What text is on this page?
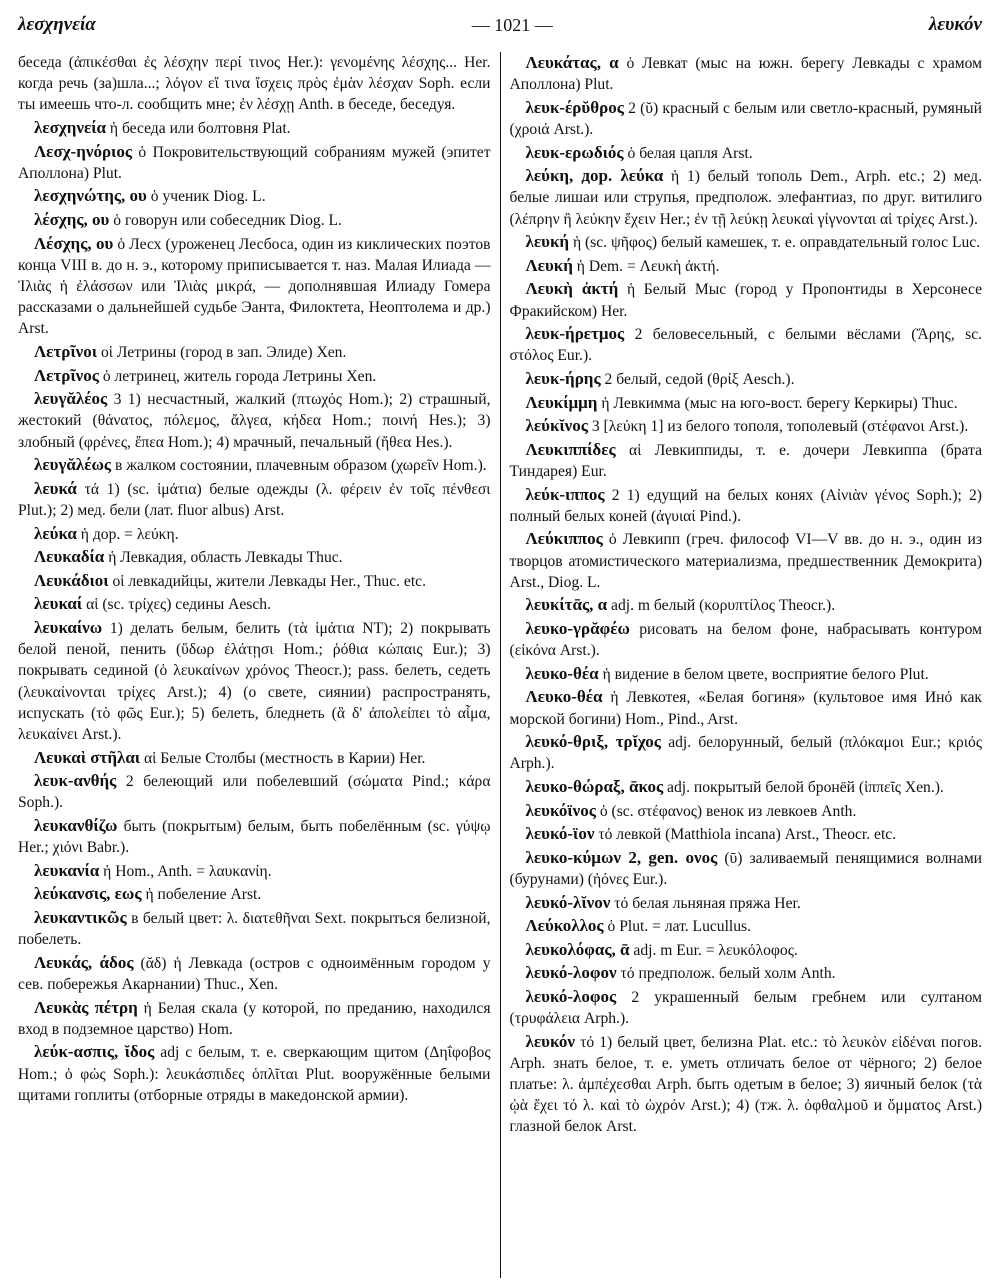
λεσχηνεία	— 1021 —	λευκόν

беседа (ἀπικέσθαι ἐς λέσχην περί τινος Her.): γενομένης λέσχης... Her. когда речь (за)шла...; λόγον εἴ τινα ἴσχεις πρὸς ἐμὰν λέσχαν Soph. если ты имеешь что-л. сообщить мне; ἐν λέσχῃ Anth. в беседе, беседуя.

λεσχηνεία ἡ беседа или болтовня Plat.

Λεσχ-ηνόριος ὁ Покровительствующий собраниям мужей (эпитет Аполлона) Plut.

λεσχηνώτης, ου ὁ ученик Diog. L.

λέσχης, ου ὁ говорун или собеседник Diog. L.

Λέσχης, ου ὁ Лесх (уроженец Лесбоса, один из киклических поэтов конца VIII в. до н. э., которому приписывается т. наз. Малая Илиада — Ἰλιὰς ἡ ἐλάσσων или Ἰλιὰς μικρά, — дополнявшая Илиаду Гомера рассказами о дальнейшей судьбе Эанта, Филоктета, Неоптолема и др.) Arst.

Λετρῖνοι οἱ Летрины (город в зап. Элиде) Xen.

Λετρῖνος ὁ летринец, житель города Летрины Xen.

λευγᾰλέος 3 1) несчастный, жалкий (πτωχός Hom.); 2) страшный, жестокий (θάνατος, πόλεμος, ἄλγεα, κήδεα Hom.; ποινή Hes.); 3) злобный (φρένες, ἔπεα Hom.); 4) мрачный, печальный (ἤθεα Hes.).

λευγᾰλέως в жалком состоянии, плачевным образом (χωρεῖν Hom.).

λευκά τά 1) (sc. ἱμάτια) белые одежды (λ. φέρειν ἐν τοῖς πένθεσι Plut.); 2) мед. бели (лат. fluor albus) Arst.

λεύκα ἡ дор. = λεύκη.

Λευκαδία ἡ Левкадия, область Левкады Thuc.

Λευκάδιοι οἱ левкадийцы, жители Левкады Her., Thuc. etc.

λευκαί αἱ (sc. τρίχες) седины Aesch.

λευκαίνω 1) делать белым, белить (τὰ ἱμάτια NT); 2) покрывать белой пеной, пенить (ὕδωρ ἐλάτῃσι Hom.; ῥόθια κώπαις Eur.); 3) покрывать сединой (ὁ λευκαίνων χρόνος Theocr.); pass. белеть, седеть (λευκαίνονται τρίχες Arst.); 4) (о свете, сиянии) распространять, испускать (τὸ φῶς Eur.); 5) белеть, бледнеть (ἃ δ' ἀπολείπει τὸ αἷμα, λευκαίνει Arst.).

Λευκαὶ στῆλαι αἱ Белые Столбы (местность в Карии) Her.

λευκ-ανθής 2 белеющий или побелевший (σώματα Pind.; κάρα Soph.).

λευκανθίζω быть (покрытым) белым, быть побелённым (sc. γύψῳ Her.; χιόνι Babr.).

λευκανία ἡ Hom., Anth. = λαυκανίη.

λεύκανσις, εως ἡ побеление Arst.

λευκαντικῶς в белый цвет: λ. διατεθῆναι Sext. покрыться белизной, побелеть.

Λευκάς, άδος (ᾰδ) ἡ Левкада (остров с одноимённым городом у сев. побережья Акарнании) Thuc., Xen.

Λευκὰς πέτρη ἡ Белая скала (у которой, по преданию, находился вход в подземное царство) Hom.

λεύκ-ασπις, ῐδος adj с белым, т. е. сверкающим щитом (Δηΐφοβος Hom.; ὁ φώς Soph.): λευκάσπιδες ὁπλῖται Plut. вооружённые белыми щитами гоплиты (отборные отряды в македонской армии).

Λευκάτας, α ὁ Левкат (мыс на южн. берегу Левкады с храмом Аполлона) Plut.

λευκ-έρῠθρος 2 (ῠ) красный с белым или светло-красный, румяный (χροιά Arst.).

λευκ-ερωδιός ὁ белая цапля Arst.

λεύκη, дор. λεύκα ἡ 1) белый тополь Dem., Arph. etc.; 2) мед. белые лишаи или струпья, предполож. элефантиаз, по друг. витилиго (λέπρην ἢ λεύκην ἔχειν Her.; ἐν τῇ λεύκῃ λευκαὶ γίγνονται αἱ τρίχες Arst.).

λευκή ἡ (sc. ψῆφος) белый камешек, т. е. оправдательный голос Luc.

Λευκή ἡ Dem. = Λευκὴ ἀκτή.

Λευκὴ ἀκτή ἡ Белый Мыс (город у Пропонтиды в Херсонесе Фракийском) Her.

λευκ-ήρετμος 2 беловесельный, с белыми вёслами (Ἄρης, sc. στόλος Eur.).

λευκ-ήρης 2 белый, седой (θρίξ Aesch.).

Λευκίμμη ἡ Левкимма (мыс на юго-вост. берегу Керкиры) Thuc.

λεύκῐνος 3 [λεύκη 1] из белого тополя, тополевый (στέφανοι Arst.).

Λευκιππίδες αἱ Левкиппиды, т. е. дочери Левкиппа (брата Тиндарея) Eur.

λεύκ-ιππος 2 1) едущий на белых конях (Αἰνιὰν γένος Soph.); 2) полный белых коней (ἀγυιαί Pind.).

Λεύκιππος ὁ Левкипп (греч. философ VI—V вв. до н. э., один из творцов атомистического материализма, предшественник Демокрита) Arst., Diog. L.

λευκίτᾱς, α adj. m белый (κορυπτίλος Theocr.).

λευκο-γρᾰφέω рисовать на белом фоне, набрасывать контуром (εἰκόνα Arst.).

λευκο-θέα ἡ видение в белом цвете, восприятие белого Plut.

Λευκο-θέα ἡ Левкотея, «Белая богиня» (культовое имя Инό как морской богини) Hom., Pind., Arst.

λευκό-θριξ, τρῐχος adj. белорунный, белый (πλόκαμοι Eur.; κριός Arph.).

λευκο-θώραξ, ᾱκος adj. покрытый белой бронёй (ἱππεῖς Xen.).

λευκόϊνος ὁ (sc. στέφανος) венок из левкоев Anth.

λευκό-ϊον τό левкой (Matthiola incana) Arst., Theocr. etc.

λευκο-κύμων 2, gen. ονος (ῡ) заливаемый пенящимися волнами (бурунами) (ἠόνες Eur.).

λευκό-λῐνον τό белая льняная пряжа Her.

Λεύκολλος ὁ Plut. = лат. Lucullus.

λευκολόφας, ᾱ adj. m Eur. = λευκόλοφος.

λευκό-λοφον τό предполож. белый холм Anth.

λευκό-λοφος 2 украшенный белым гребнем или султаном (τρυφάλεια Arph.).

λευκόν τό 1) белый цвет, белизна Plat. etc.: τὸ λευκὸν εἰδέναι погов. Arph. знать белое, т. е. уметь отличать белое от чёрного; 2) белое платье: λ. ἀμπέχεσθαι Arph. быть одетым в белое; 3) яичный белок (τὰ ᾠὰ ἔχει τό λ. καὶ τὸ ὠχρόν Arst.); 4) (тж. λ. ὀφθαλμοῦ и ὄμματος Arst.) глазной белок Arst.
